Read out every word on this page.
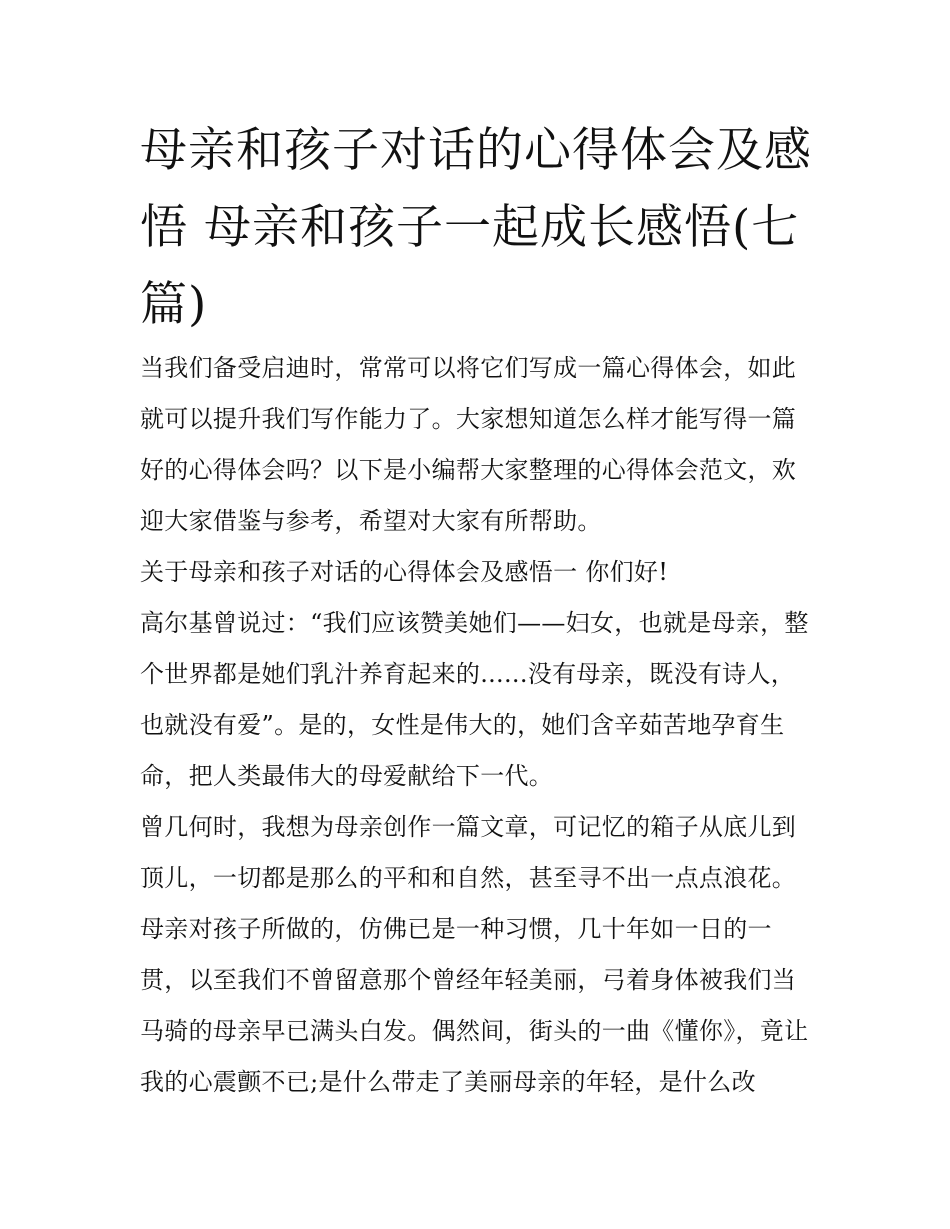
母亲和孩子对话的心得体会及感悟 母亲和孩子一起成长感悟(七篇)

当我们备受启迪时，常常可以将它们写成一篇心得体会，如此就可以提升我们写作能力了。大家想知道怎么样才能写得一篇好的心得体会吗？以下是小编帮大家整理的心得体会范文，欢迎大家借鉴与参考，希望对大家有所帮助。

关于母亲和孩子对话的心得体会及感悟一 你们好!

高尔基曾说过：“我们应该赞美她们——妇女，也就是母亲，整个世界都是她们乳汁养育起来的......没有母亲，既没有诗人，也就没有爱”。是的，女性是伟大的，她们含辛茹苦地孕育生命，把人类最伟大的母爱献给下一代。

曾几何时，我想为母亲创作一篇文章，可记忆的箱子从底儿到顶儿，一切都是那么的平和和自然，甚至寻不出一点点浪花。母亲对孩子所做的，仿佛已是一种习惯，几十年如一日的一贯，以至我们不曾留意那个曾经年轻美丽，弓着身体被我们当马骑的母亲早已满头白发。偶然间，街头的一曲《懂你》，竟让我的心震颤不已;是什么带走了美丽母亲的年轻，是什么改
